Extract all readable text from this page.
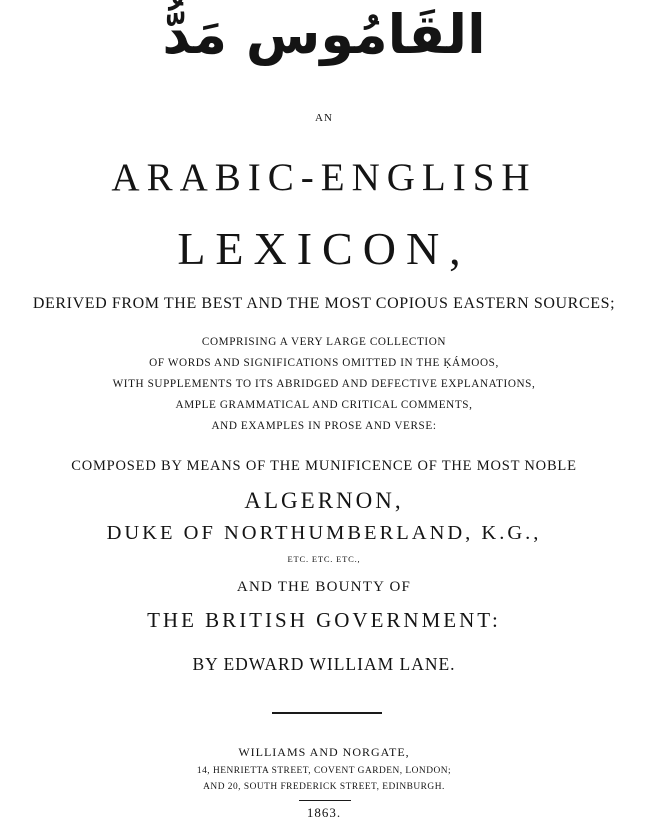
القَامُوس مَدُّ
AN
ARABIC-ENGLISH
LEXICON,
DERIVED FROM THE BEST AND THE MOST COPIOUS EASTERN SOURCES;
COMPRISING A VERY LARGE COLLECTION
OF WORDS AND SIGNIFICATIONS OMITTED IN THE ḲÁMOOS,
WITH SUPPLEMENTS TO ITS ABRIDGED AND DEFECTIVE EXPLANATIONS,
AMPLE GRAMMATICAL AND CRITICAL COMMENTS,
AND EXAMPLES IN PROSE AND VERSE:
COMPOSED BY MEANS OF THE MUNIFICENCE OF THE MOST NOBLE
ALGERNON,
DUKE OF NORTHUMBERLAND, K.G.,
ETC. ETC. ETC.,
AND THE BOUNTY OF
THE BRITISH GOVERNMENT:
BY EDWARD WILLIAM LANE.
WILLIAMS AND NORGATE,
14, HENRIETTA STREET, COVENT GARDEN, LONDON;
AND 20, SOUTH FREDERICK STREET, EDINBURGH.
1863.
